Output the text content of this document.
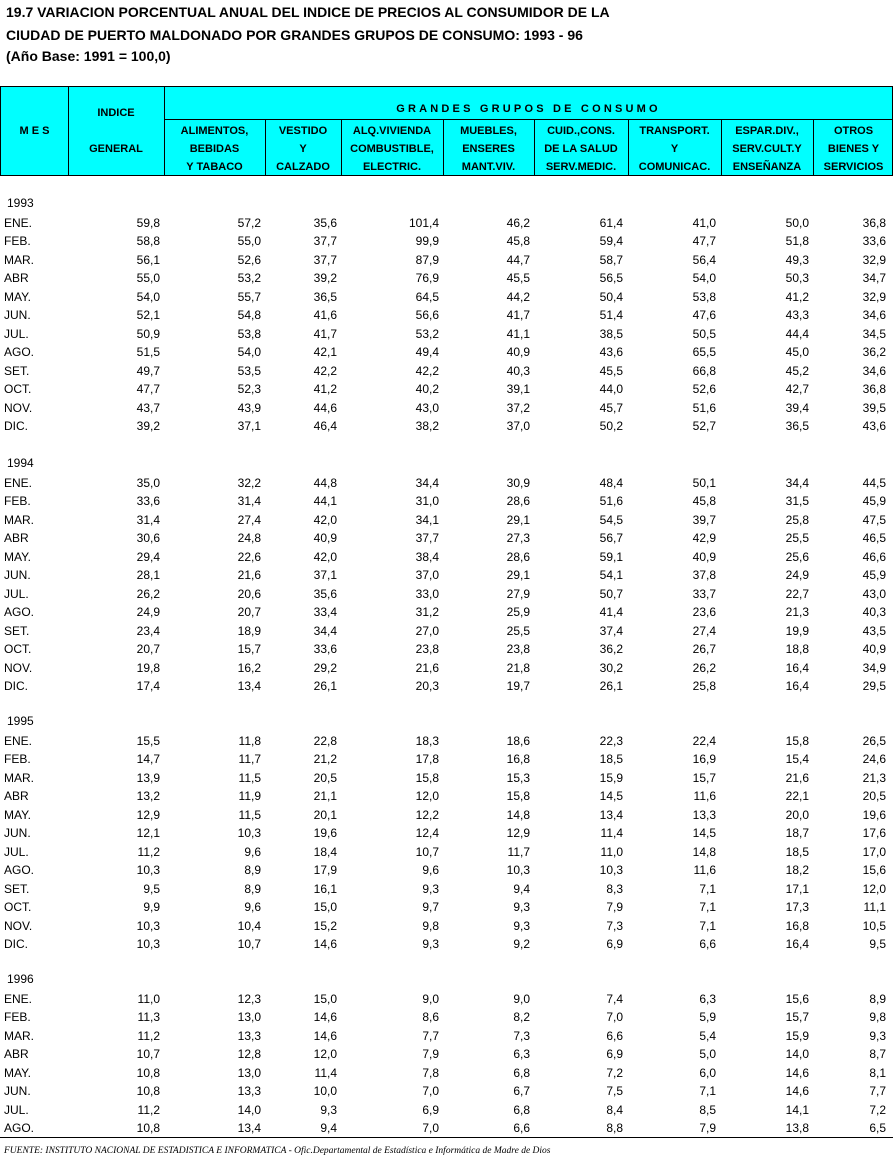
19.7 VARIACION PORCENTUAL ANUAL DEL INDICE DE PRECIOS AL CONSUMIDOR DE LA
CIUDAD DE PUERTO MALDONADO POR GRANDES GRUPOS DE CONSUMO: 1993 - 96
(Año Base: 1991 = 100,0)
M E S
INDICE
GENERAL
GRANDES GRUPOS DE CONSUMO
ALIMENTOS,
BEBIDAS
Y TABACO
VESTIDO
Y
CALZADO
ALQ.VIVIENDA
COMBUSTIBLE,
ELECTRIC.
MUEBLES,
ENSERES
MANT.VIV.
CUID.,CONS.
DE LA SALUD
SERV.MEDIC.
TRANSPORT.
Y
COMUNICAC.
ESPAR.DIV.,
SERV.CULT.Y
ENSEÑANZA
OTROS
BIENES Y
SERVICIOS
1993
ENE.	59,8	57,2	35,6	101,4	46,2	61,4	41,0	50,0	36,8
FEB.	58,8	55,0	37,7	99,9	45,8	59,4	47,7	51,8	33,6
MAR.	56,1	52,6	37,7	87,9	44,7	58,7	56,4	49,3	32,9
ABR	55,0	53,2	39,2	76,9	45,5	56,5	54,0	50,3	34,7
MAY.	54,0	55,7	36,5	64,5	44,2	50,4	53,8	41,2	32,9
JUN.	52,1	54,8	41,6	56,6	41,7	51,4	47,6	43,3	34,6
JUL.	50,9	53,8	41,7	53,2	41,1	38,5	50,5	44,4	34,5
AGO.	51,5	54,0	42,1	49,4	40,9	43,6	65,5	45,0	36,2
SET.	49,7	53,5	42,2	42,2	40,3	45,5	66,8	45,2	34,6
OCT.	47,7	52,3	41,2	40,2	39,1	44,0	52,6	42,7	36,8
NOV.	43,7	43,9	44,6	43,0	37,2	45,7	51,6	39,4	39,5
DIC.	39,2	37,1	46,4	38,2	37,0	50,2	52,7	36,5	43,6
1994
ENE.	35,0	32,2	44,8	34,4	30,9	48,4	50,1	34,4	44,5
FEB.	33,6	31,4	44,1	31,0	28,6	51,6	45,8	31,5	45,9
MAR.	31,4	27,4	42,0	34,1	29,1	54,5	39,7	25,8	47,5
ABR	30,6	24,8	40,9	37,7	27,3	56,7	42,9	25,5	46,5
MAY.	29,4	22,6	42,0	38,4	28,6	59,1	40,9	25,6	46,6
JUN.	28,1	21,6	37,1	37,0	29,1	54,1	37,8	24,9	45,9
JUL.	26,2	20,6	35,6	33,0	27,9	50,7	33,7	22,7	43,0
AGO.	24,9	20,7	33,4	31,2	25,9	41,4	23,6	21,3	40,3
SET.	23,4	18,9	34,4	27,0	25,5	37,4	27,4	19,9	43,5
OCT.	20,7	15,7	33,6	23,8	23,8	36,2	26,7	18,8	40,9
NOV.	19,8	16,2	29,2	21,6	21,8	30,2	26,2	16,4	34,9
DIC.	17,4	13,4	26,1	20,3	19,7	26,1	25,8	16,4	29,5
1995
ENE.	15,5	11,8	22,8	18,3	18,6	22,3	22,4	15,8	26,5
FEB.	14,7	11,7	21,2	17,8	16,8	18,5	16,9	15,4	24,6
MAR.	13,9	11,5	20,5	15,8	15,3	15,9	15,7	21,6	21,3
ABR	13,2	11,9	21,1	12,0	15,8	14,5	11,6	22,1	20,5
MAY.	12,9	11,5	20,1	12,2	14,8	13,4	13,3	20,0	19,6
JUN.	12,1	10,3	19,6	12,4	12,9	11,4	14,5	18,7	17,6
JUL.	11,2	9,6	18,4	10,7	11,7	11,0	14,8	18,5	17,0
AGO.	10,3	8,9	17,9	9,6	10,3	10,3	11,6	18,2	15,6
SET.	9,5	8,9	16,1	9,3	9,4	8,3	7,1	17,1	12,0
OCT.	9,9	9,6	15,0	9,7	9,3	7,9	7,1	17,3	11,1
NOV.	10,3	10,4	15,2	9,8	9,3	7,3	7,1	16,8	10,5
DIC.	10,3	10,7	14,6	9,3	9,2	6,9	6,6	16,4	9,5
1996
ENE.	11,0	12,3	15,0	9,0	9,0	7,4	6,3	15,6	8,9
FEB.	11,3	13,0	14,6	8,6	8,2	7,0	5,9	15,7	9,8
MAR.	11,2	13,3	14,6	7,7	7,3	6,6	5,4	15,9	9,3
ABR	10,7	12,8	12,0	7,9	6,3	6,9	5,0	14,0	8,7
MAY.	10,8	13,0	11,4	7,8	6,8	7,2	6,0	14,6	8,1
JUN.	10,8	13,3	10,0	7,0	6,7	7,5	7,1	14,6	7,7
JUL.	11,2	14,0	9,3	6,9	6,8	8,4	8,5	14,1	7,2
AGO.	10,8	13,4	9,4	7,0	6,6	8,8	7,9	13,8	6,5
FUENTE: INSTITUTO NACIONAL DE ESTADISTICA E INFORMATICA - Ofic.Departamental de Estadística e Informática de Madre de Dios
